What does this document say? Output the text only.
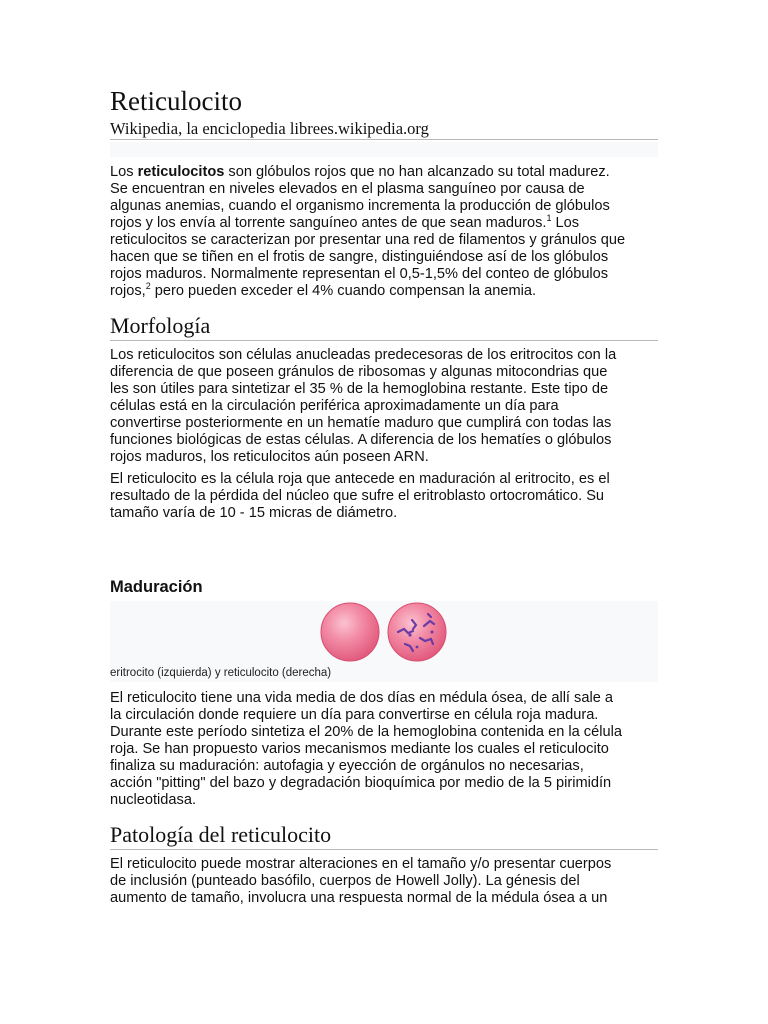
Reticulocito
Wikipedia, la enciclopedia librees.wikipedia.org

Los reticulocitos son glóbulos rojos que no han alcanzado su total madurez.

Se encuentran en niveles elevados en el plasma sanguíneo por causa de

algunas anemias, cuando el organismo incrementa la producción de glóbulos

rojos y los envía al torrente sanguíneo antes de que sean maduros.$^1$ Los

reticulocitos se caracterizan por presentar una red de filamentos y gránulos que

hacen que se tiñen en el frotis de sangre, distinguiéndose así de los glóbulos

rojos maduros. Normalmente representan el 0,5-1,5% del conteo de glóbulos

rojos,$^2$ pero pueden exceder el 4% cuando compensan la anemia.

Morfología

Los reticulocitos son células anucleadas predecesoras de los eritrocitos con la

diferencia de que poseen gránulos de ribosomas y algunas mitocondrias que

les son útiles para sintetizar el 35 % de la hemoglobina restante. Este tipo de

células está en la circulación periférica aproximadamente un día para

convertirse posteriormente en un hematíe maduro que cumplirá con todas las

funciones biológicas de estas células. A diferencia de los hematíes o glóbulos

rojos maduros, los reticulocitos aún poseen ARN.

El reticulocito es la célula roja que antecede en maduración al eritrocito, es el

resultado de la pérdida del núcleo que sufre el eritroblasto ortocromático. Su

tamaño varía de 10 - 15 micras de diámetro.

Maduración
eritrocito (izquierda) y reticulocito (derecha)

El reticulocito tiene una vida media de dos días en médula ósea, de allí sale a

la circulación donde requiere un día para convertirse en célula roja madura.

Durante este período sintetiza el 20% de la hemoglobina contenida en la célula

roja. Se han propuesto varios mecanismos mediante los cuales el reticulocito

finaliza su maduración: autofagia y eyección de orgánulos no necesarias,

acción "pitting" del bazo y degradación bioquímica por medio de la 5 pirimidín

nucleotidasa.

Patología del reticulocito

El reticulocito puede mostrar alteraciones en el tamaño y/o presentar cuerpos

de inclusión (punteado basófilo, cuerpos de Howell Jolly). La génesis del

aumento de tamaño, involucra una respuesta normal de la médula ósea a un
